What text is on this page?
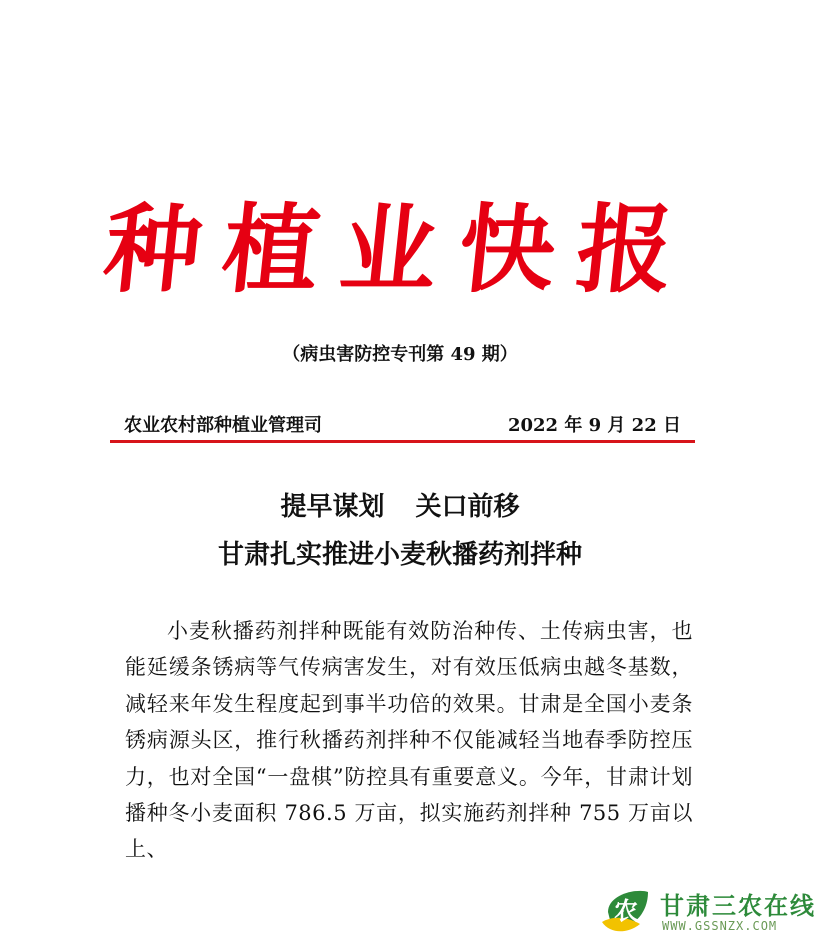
种植业快报
（病虫害防控专刊第 49 期）
农业农村部种植业管理司	2022 年 9 月 22 日
提早谋划 关口前移
甘肃扎实推进小麦秋播药剂拌种
小麦秋播药剂拌种既能有效防治种传、土传病虫害，也能延缓条锈病等气传病害发生，对有效压低病虫越冬基数，减轻来年发生程度起到事半功倍的效果。甘肃是全国小麦条锈病源头区，推行秋播药剂拌种不仅能减轻当地春季防控压力，也对全国“一盘棋”防控具有重要意义。今年，甘肃计划播种冬小麦面积 786.5 万亩，拟实施药剂拌种 755 万亩以上、
农 甘肃三农在线
WWW.GSSNZX.COM
